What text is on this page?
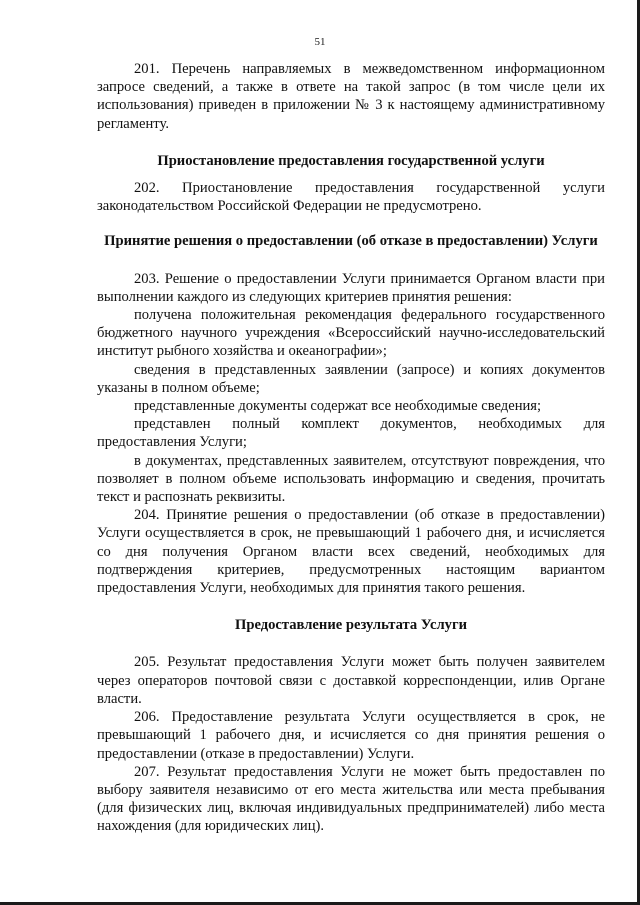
51

201. Перечень направляемых в межведомственном информационном запросе сведений, а также в ответе на такой запрос (в том числе цели их использования) приведен в приложении № 3 к настоящему административному регламенту.

Приостановление предоставления государственной услуги

202. Приостановление предоставления государственной услуги законодательством Российской Федерации не предусмотрено.

Принятие решения о предоставлении (об отказе в предоставлении) Услуги

203. Решение о предоставлении Услуги принимается Органом власти при выполнении каждого из следующих критериев принятия решения:

получена положительная рекомендация федерального государственного бюджетного научного учреждения «Всероссийский научно-исследовательский институт рыбного хозяйства и океанографии»;

сведения в представленных заявлении (запросе) и копиях документов указаны в полном объеме;

представленные документы содержат все необходимые сведения;

представлен полный комплект документов, необходимых для предоставления Услуги;

в документах, представленных заявителем, отсутствуют повреждения, что позволяет в полном объеме использовать информацию и сведения, прочитать текст и распознать реквизиты.

204. Принятие решения о предоставлении (об отказе в предоставлении) Услуги осуществляется в срок, не превышающий 1 рабочего дня, и исчисляется со дня получения Органом власти всех сведений, необходимых для подтверждения критериев, предусмотренных настоящим вариантом предоставления Услуги, необходимых для принятия такого решения.

Предоставление результата Услуги

205. Результат предоставления Услуги может быть получен заявителем через операторов почтовой связи с доставкой корреспонденции, илив Органе власти.

206. Предоставление результата Услуги осуществляется в срок, не превышающий 1 рабочего дня, и исчисляется со дня принятия решения о предоставлении (отказе в предоставлении) Услуги.

207. Результат предоставления Услуги не может быть предоставлен по выбору заявителя независимо от его места жительства или места пребывания (для физических лиц, включая индивидуальных предпринимателей) либо места нахождения (для юридических лиц).
